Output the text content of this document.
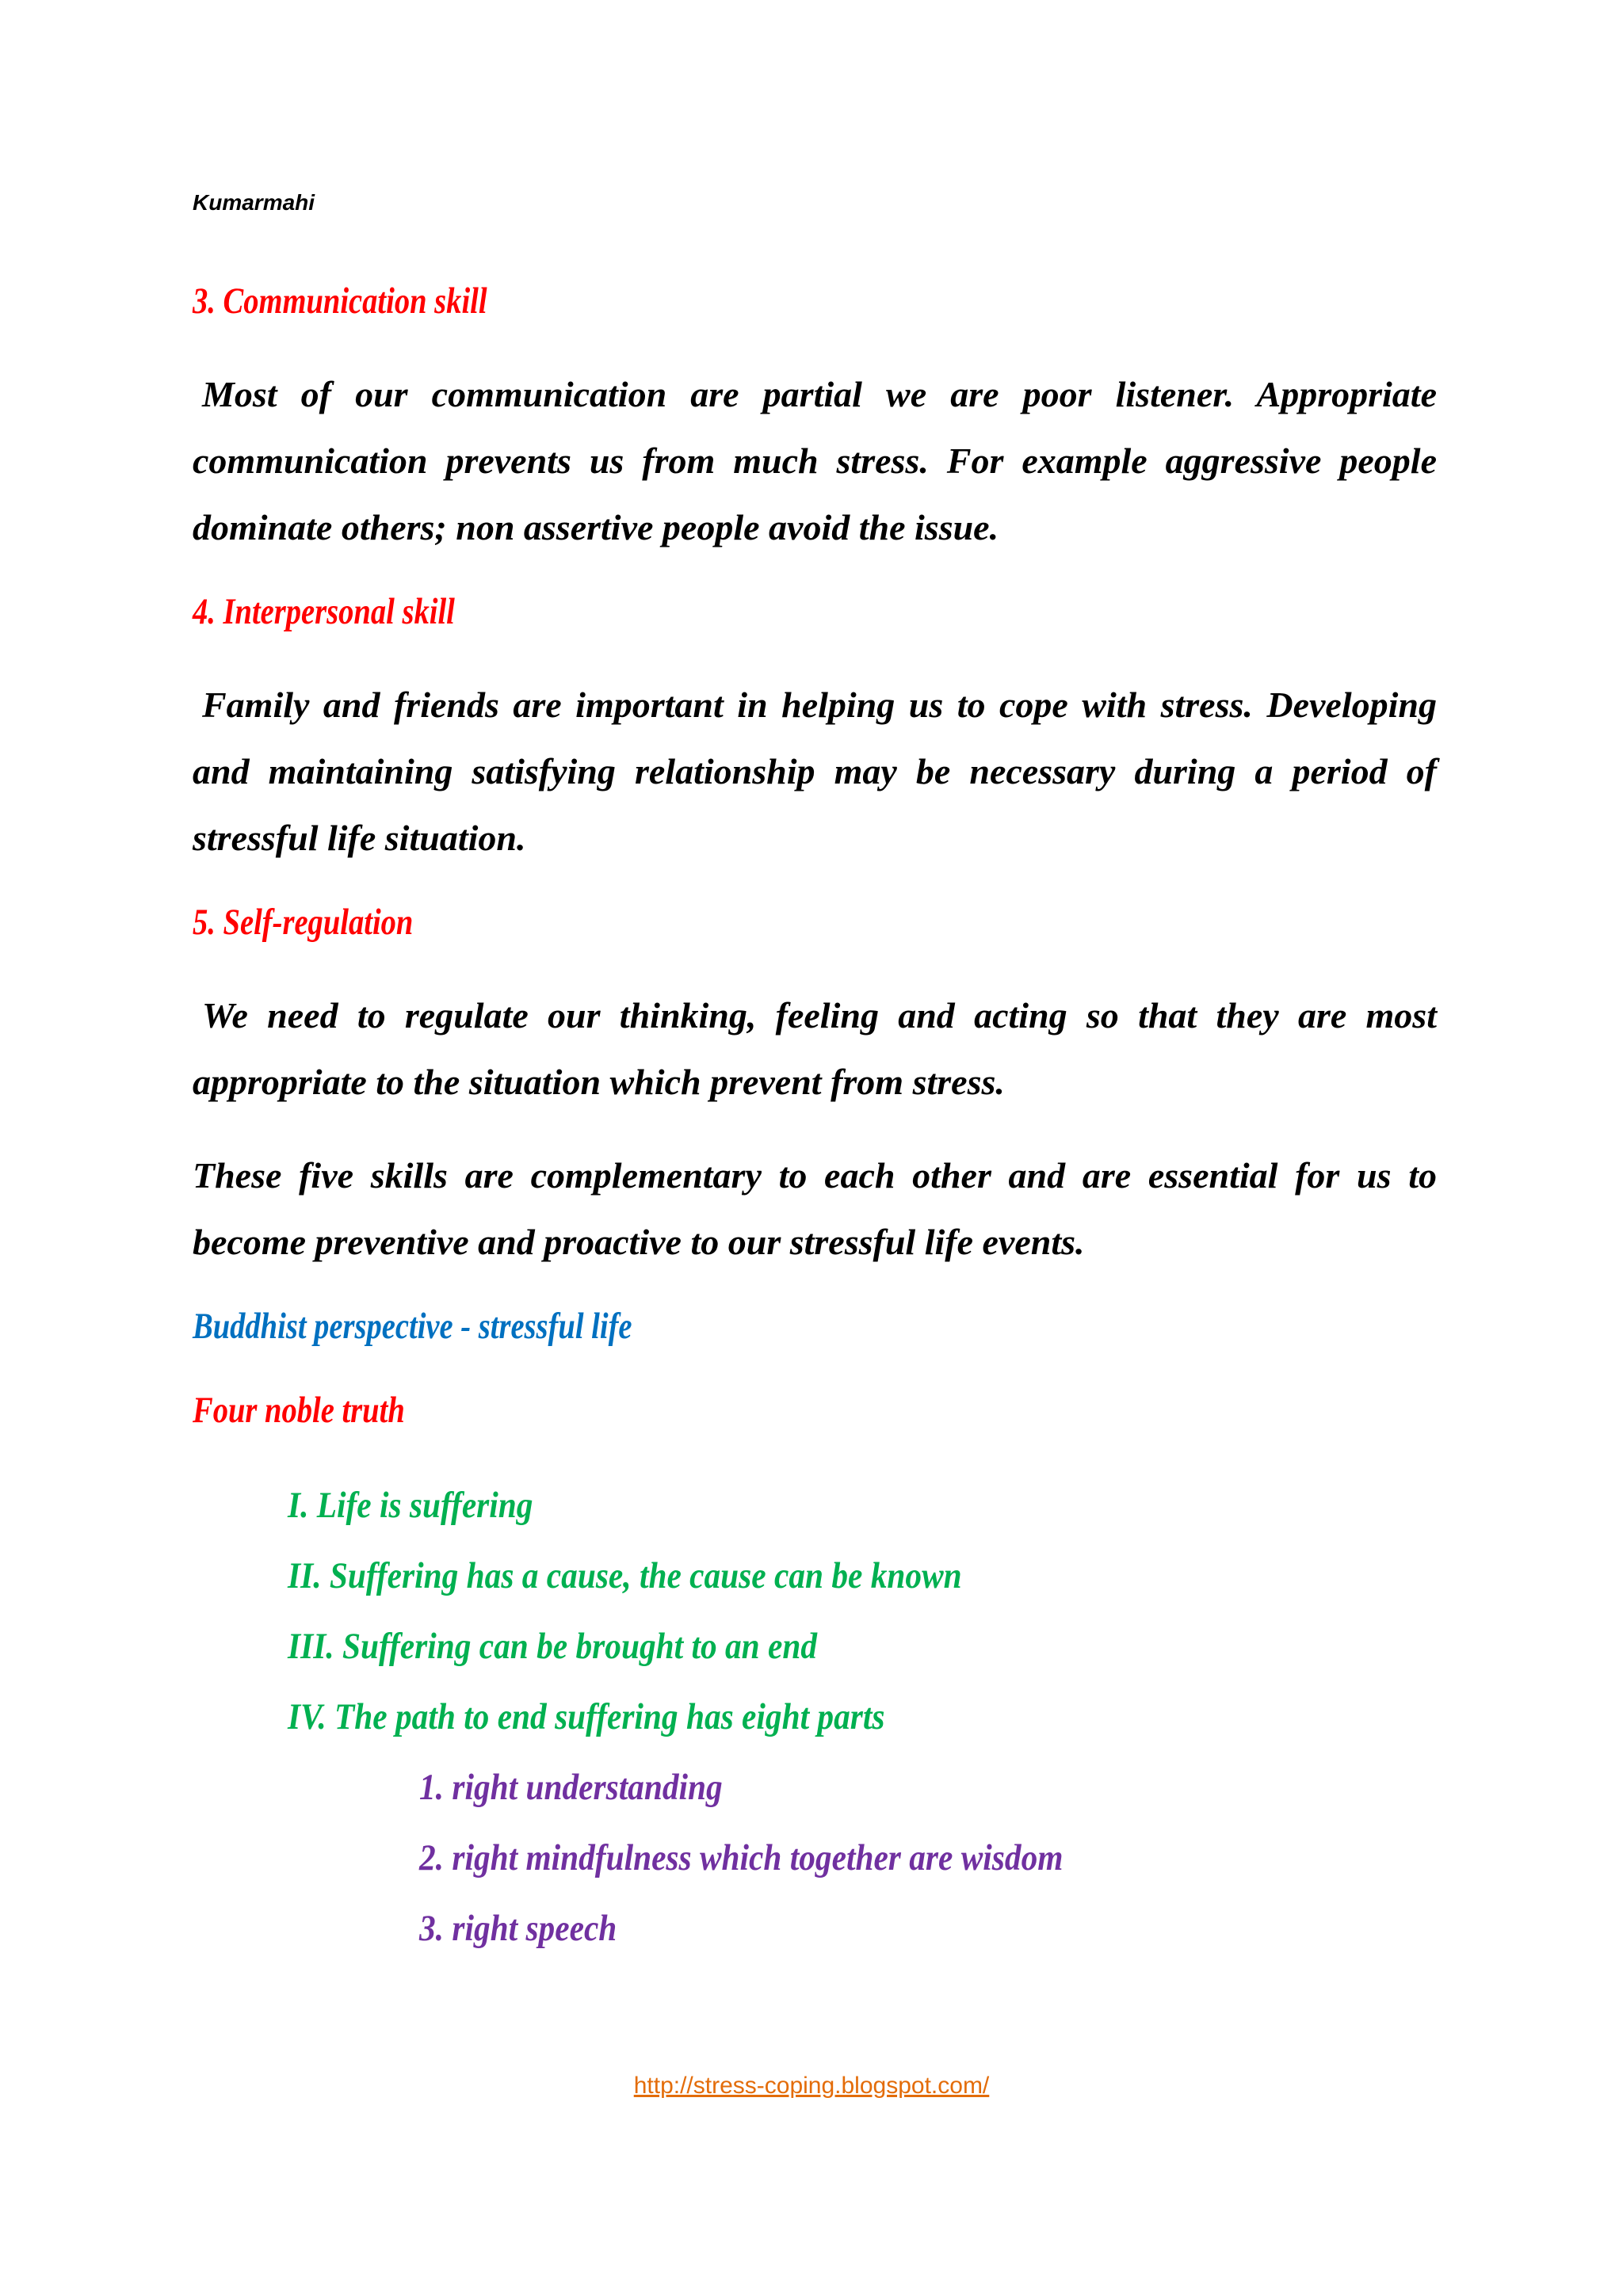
Kumarmahi
3. Communication skill

Most of our communication are partial we are poor listener. Appropriate communication prevents us from much stress. For example aggressive people dominate others; non assertive people avoid the issue.

4. Interpersonal skill

Family and friends are important in helping us to cope with stress. Developing and maintaining satisfying relationship may be necessary during a period of stressful life situation.

5. Self-regulation

We need to regulate our thinking, feeling and acting so that they are most appropriate to the situation which prevent from stress.

These five skills are complementary to each other and are essential for us to become preventive and proactive to our stressful life events.

Buddhist perspective - stressful life
Four noble truth
I. Life is suffering
II. Suffering has a cause, the cause can be known
III. Suffering can be brought to an end
IV. The path to end suffering has eight parts
1. right understanding
2. right mindfulness which together are wisdom
3. right speech
http://stress-coping.blogspot.com/
